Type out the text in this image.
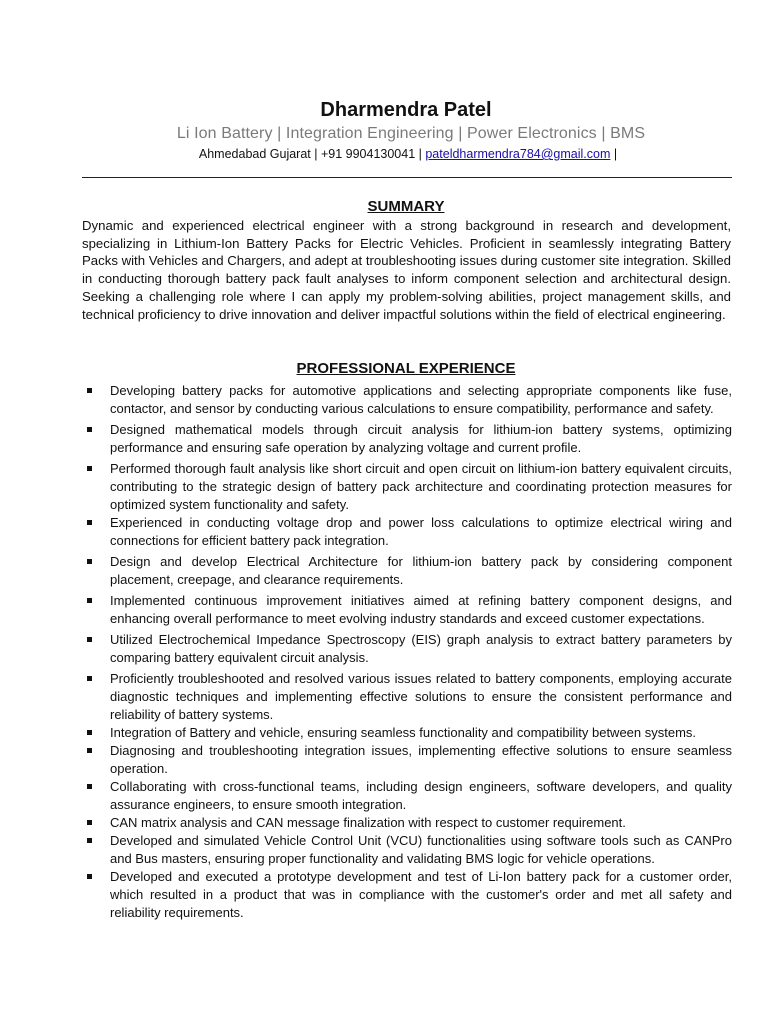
Dharmendra Patel
Li Ion Battery | Integration Engineering | Power Electronics | BMS
Ahmedabad Gujarat | +91 9904130041 | pateldharmendra784@gmail.com |
SUMMARY

Dynamic and experienced electrical engineer with a strong background in research and development, specializing in Lithium-Ion Battery Packs for Electric Vehicles. Proficient in seamlessly integrating Battery Packs with Vehicles and Chargers, and adept at troubleshooting issues during customer site integration. Skilled in conducting thorough battery pack fault analyses to inform component selection and architectural design. Seeking a challenging role where I can apply my problem-solving abilities, project management skills, and technical proficiency to drive innovation and deliver impactful solutions within the field of electrical engineering.

PROFESSIONAL EXPERIENCE
Developing battery packs for automotive applications and selecting appropriate components like fuse, contactor, and sensor by conducting various calculations to ensure compatibility, performance and safety.
Designed mathematical models through circuit analysis for lithium-ion battery systems, optimizing performance and ensuring safe operation by analyzing voltage and current profile.
Performed thorough fault analysis like short circuit and open circuit on lithium-ion battery equivalent circuits, contributing to the strategic design of battery pack architecture and coordinating protection measures for optimized system functionality and safety.
Experienced in conducting voltage drop and power loss calculations to optimize electrical wiring and connections for efficient battery pack integration.
Design and develop Electrical Architecture for lithium-ion battery pack by considering component placement, creepage, and clearance requirements.
Implemented continuous improvement initiatives aimed at refining battery component designs, and enhancing overall performance to meet evolving industry standards and exceed customer expectations.
Utilized Electrochemical Impedance Spectroscopy (EIS) graph analysis to extract battery parameters by comparing battery equivalent circuit analysis.
Proficiently troubleshooted and resolved various issues related to battery components, employing accurate diagnostic techniques and implementing effective solutions to ensure the consistent performance and reliability of battery systems.
Integration of Battery and vehicle, ensuring seamless functionality and compatibility between systems.
Diagnosing and troubleshooting integration issues, implementing effective solutions to ensure seamless operation.
Collaborating with cross-functional teams, including design engineers, software developers, and quality assurance engineers, to ensure smooth integration.
CAN matrix analysis and CAN message finalization with respect to customer requirement.
Developed and simulated Vehicle Control Unit (VCU) functionalities using software tools such as CANPro and Bus masters, ensuring proper functionality and validating BMS logic for vehicle operations.
Developed and executed a prototype development and test of Li-Ion battery pack for a customer order, which resulted in a product that was in compliance with the customer's order and met all safety and reliability requirements.
